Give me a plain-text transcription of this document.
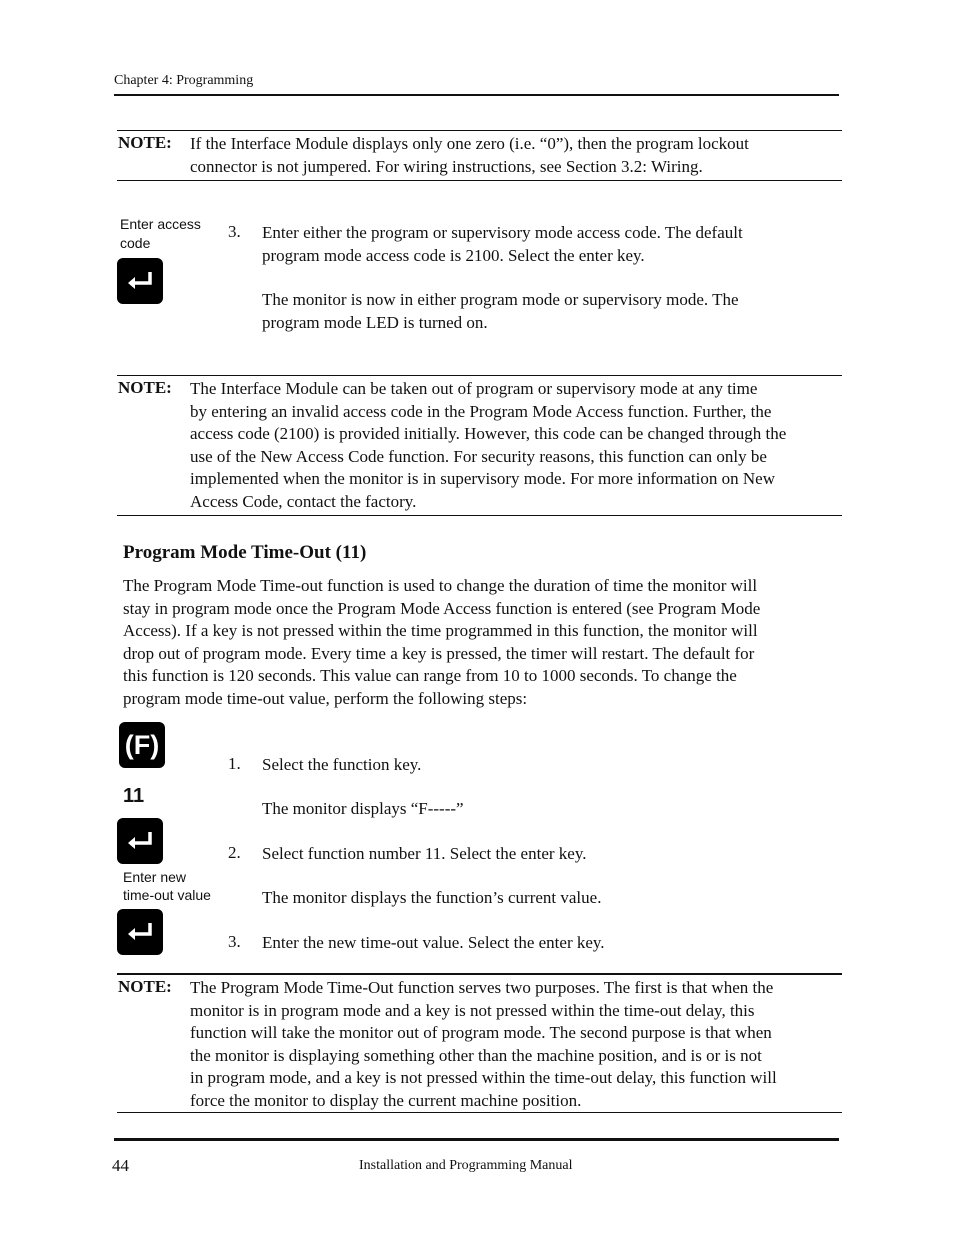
Chapter 4: Programming
NOTE: If the Interface Module displays only one zero (i.e. “0”), then the program lockout
connector is not jumpered. For wiring instructions, see Section 3.2: Wiring.
Enter access
code
3. Enter either the program or supervisory mode access code. The default
program mode access code is 2100. Select the enter key.
The monitor is now in either program mode or supervisory mode. The
program mode LED is turned on.
NOTE: The Interface Module can be taken out of program or supervisory mode at any time
by entering an invalid access code in the Program Mode Access function. Further, the
access code (2100) is provided initially. However, this code can be changed through the
use of the New Access Code function. For security reasons, this function can only be
implemented when the monitor is in supervisory mode. For more information on New
Access Code, contact the factory.
Program Mode Time-Out (11)
The Program Mode Time-out function is used to change the duration of time the monitor will
stay in program mode once the Program Mode Access function is entered (see Program Mode
Access). If a key is not pressed within the time programmed in this function, the monitor will
drop out of program mode. Every time a key is pressed, the timer will restart. The default for
this function is 120 seconds. This value can range from 10 to 1000 seconds. To change the
program mode time-out value, perform the following steps:
(F)
11
Enter new
time-out value
1. Select the function key.
The monitor displays “F-----”
2. Select function number 11. Select the enter key.
The monitor displays the function’s current value.
3. Enter the new time-out value. Select the enter key.
NOTE: The Program Mode Time-Out function serves two purposes. The first is that when the
monitor is in program mode and a key is not pressed within the time-out delay, this
function will take the monitor out of program mode. The second purpose is that when
the monitor is displaying something other than the machine position, and is or is not
in program mode, and a key is not pressed within the time-out delay, this function will
force the monitor to display the current machine position.
44	Installation and Programming Manual
